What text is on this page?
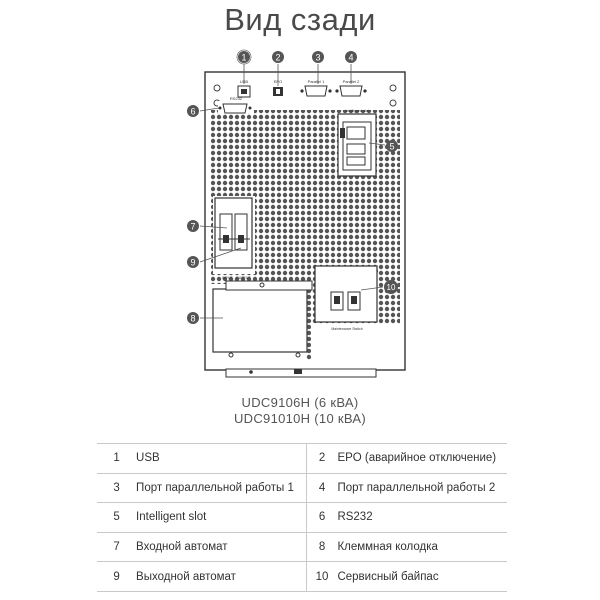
Вид сзади
USB	EPO	Parallel 1	Parallel 2
RS232
Intelligent slot
INPUT OUTPUT
Maintenance Switch
1	2	3	4
5
6
7
9
8
10
UDC9106H (6 кВА)
UDC91010H (10 кВА)
1	USB	2	EPO (аварийное отключение)
3	Порт параллельной работы 1	4	Порт параллельной работы 2
5	Intelligent slot	6	RS232
7	Входной автомат	8	Клеммная колодка
9	Выходной автомат	10	Сервисный байпас
